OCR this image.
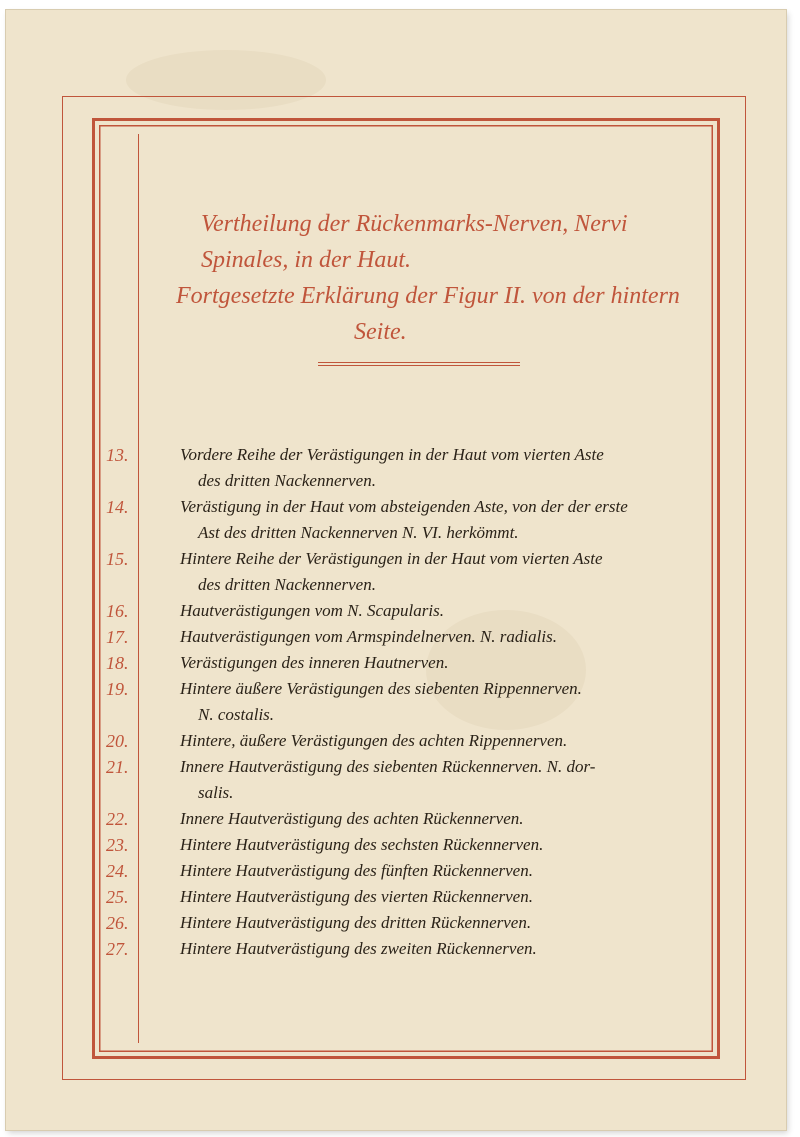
Vertheilung der Rückenmarks-Nerven, Nervi
Spinales, in der Haut.
Fortgesetzte Erklärung der Figur II. von der hintern
Seite.
13.	Vordere Reihe der Verästigungen in der Haut vom vierten Aste
des dritten Nackennerven.
14.	Verästigung in der Haut vom absteigenden Aste, von der der erste
Ast des dritten Nackennerven N. VI. herkömmt.
15.	Hintere Reihe der Verästigungen in der Haut vom vierten Aste
des dritten Nackennerven.
16.	Hautverästigungen vom N. Scapularis.
17.	Hautverästigungen vom Armspindelnerven. N. radialis.
18.	Verästigungen des inneren Hautnerven.
19.	Hintere äußere Verästigungen des siebenten Rippennerven.
N. costalis.
20.	Hintere, äußere Verästigungen des achten Rippennerven.
21.	Innere Hautverästigung des siebenten Rückennerven. N. dor-
salis.
22.	Innere Hautverästigung des achten Rückennerven.
23.	Hintere Hautverästigung des sechsten Rückennerven.
24.	Hintere Hautverästigung des fünften Rückennerven.
25.	Hintere Hautverästigung des vierten Rückennerven.
26.	Hintere Hautverästigung des dritten Rückennerven.
27.	Hintere Hautverästigung des zweiten Rückennerven.
